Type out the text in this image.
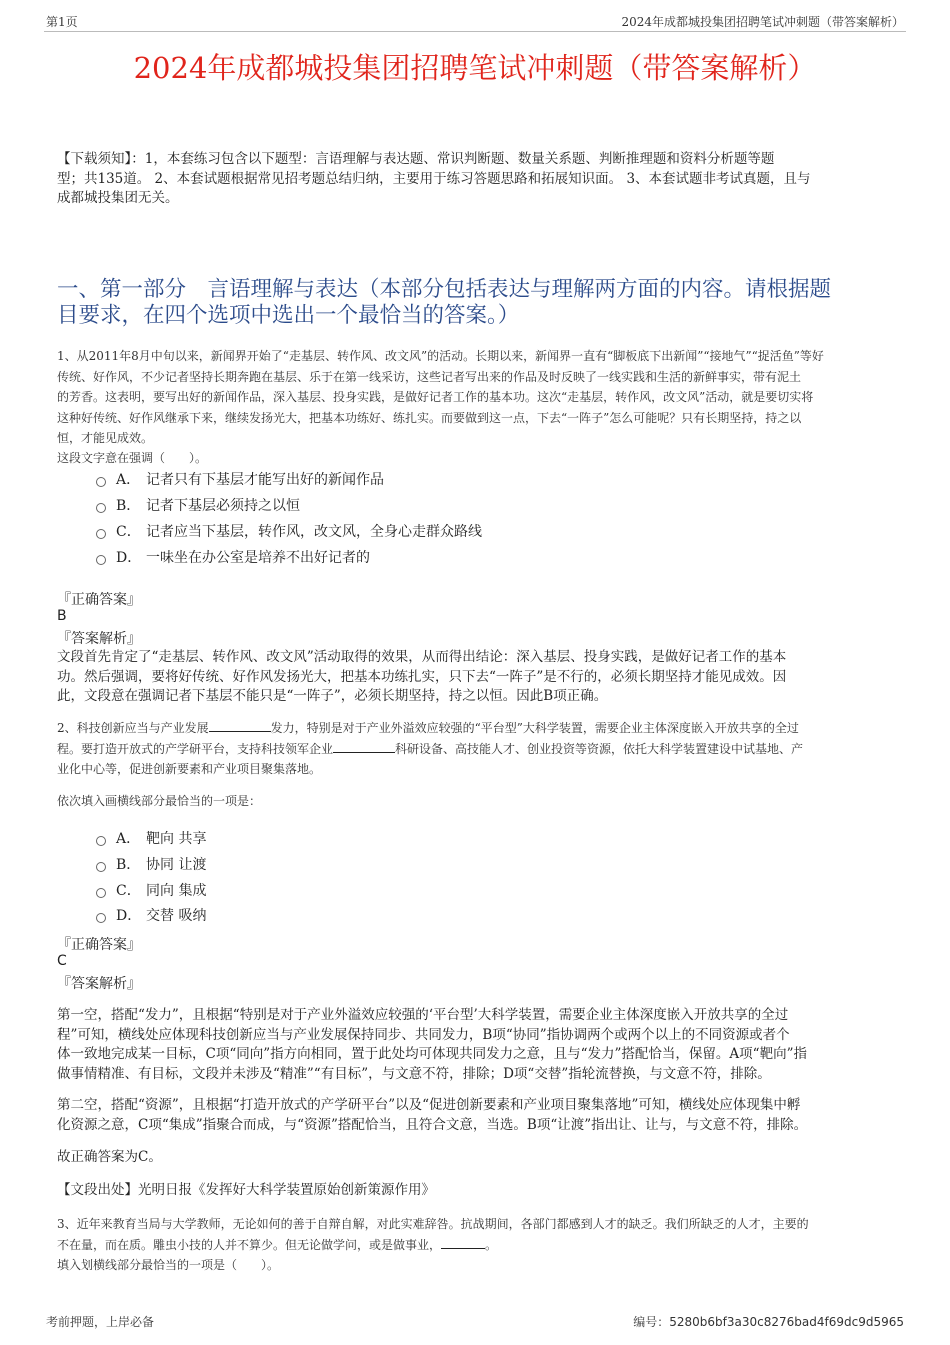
第1页	2024年成都城投集团招聘笔试冲刺题（带答案解析）
2024年成都城投集团招聘笔试冲刺题（带答案解析）
【下载须知】：1，本套练习包含以下题型：言语理解与表达题、常识判断题、数量关系题、判断推理题和资料分析题等题
型；共135道。 2、本套试题根据常见招考题总结归纳，主要用于练习答题思路和拓展知识面。 3、本套试题非考试真题，且与
成都城投集团无关。
一、第一部分　言语理解与表达（本部分包括表达与理解两方面的内容。请根据题
目要求，在四个选项中选出一个最恰当的答案。）
1、从2011年8月中旬以来，新闻界开始了“走基层、转作风、改文风”的活动。长期以来，新闻界一直有“脚板底下出新闻”“接地气”“捉活鱼”等好
传统、好作风，不少记者坚持长期奔跑在基层、乐于在第一线采访，这些记者写出来的作品及时反映了一线实践和生活的新鲜事实，带有泥土
的芳香。这表明，要写出好的新闻作品，深入基层、投身实践，是做好记者工作的基本功。这次“走基层，转作风，改文风”活动，就是要切实将
这种好传统、好作风继承下来，继续发扬光大，把基本功练好、练扎实。而要做到这一点，下去“一阵子”怎么可能呢？只有长期坚持，持之以
恒，才能见成效。
这段文字意在强调（　　）。
A． 记者只有下基层才能写出好的新闻作品
B． 记者下基层必须持之以恒
C． 记者应当下基层，转作风，改文风，全身心走群众路线
D． 一味坐在办公室是培养不出好记者的
『正确答案』
B
『答案解析』
文段首先肯定了“走基层、转作风、改文风”活动取得的效果，从而得出结论：深入基层、投身实践，是做好记者工作的基本
功。然后强调，要将好传统、好作风发扬光大，把基本功练扎实，只下去“一阵子”是不行的，必须长期坚持才能见成效。因
此，文段意在强调记者下基层不能只是“一阵子”，必须长期坚持，持之以恒。因此B项正确。
2、科技创新应当与产业发展	发力，特别是对于产业外溢效应较强的“平台型”大科学装置，需要企业主体深度嵌入开放共享的全过
程。要打造开放式的产学研平台，支持科技领军企业	科研设备、高技能人才、创业投资等资源，依托大科学装置建设中试基地、产
业化中心等，促进创新要素和产业项目聚集落地。
依次填入画横线部分最恰当的一项是：
A． 靶向 共享
B． 协同 让渡
C． 同向 集成
D． 交替 吸纳
『正确答案』
C
『答案解析』
第一空，搭配“发力”，且根据“特别是对于产业外溢效应较强的‘平台型’大科学装置，需要企业主体深度嵌入开放共享的全过
程”可知，横线处应体现科技创新应当与产业发展保持同步、共同发力，B项“协同”指协调两个或两个以上的不同资源或者个
体一致地完成某一目标，C项“同向”指方向相同，置于此处均可体现共同发力之意，且与“发力”搭配恰当，保留。A项“靶向”指
做事情精准、有目标，文段并未涉及“精准”“有目标”，与文意不符，排除；D项“交替”指轮流替换，与文意不符，排除。
第二空，搭配“资源”，且根据“打造开放式的产学研平台”以及“促进创新要素和产业项目聚集落地”可知，横线处应体现集中孵
化资源之意，C项“集成”指聚合而成，与“资源”搭配恰当，且符合文意，当选。B项“让渡”指出让、让与，与文意不符，排除。
故正确答案为C。
【文段出处】光明日报《发挥好大科学装置原始创新策源作用》
3、近年来教育当局与大学教师，无论如何的善于自辩自解，对此实难辞咎。抗战期间，各部门都感到人才的缺乏。我们所缺乏的人才，主要的
不在量，而在质。雕虫小技的人并不算少。但无论做学问，或是做事业，	。
填入划横线部分最恰当的一项是（　　）。
考前押题，上岸必备	编号：5280b6bf3a30c8276bad4f69dc9d5965
